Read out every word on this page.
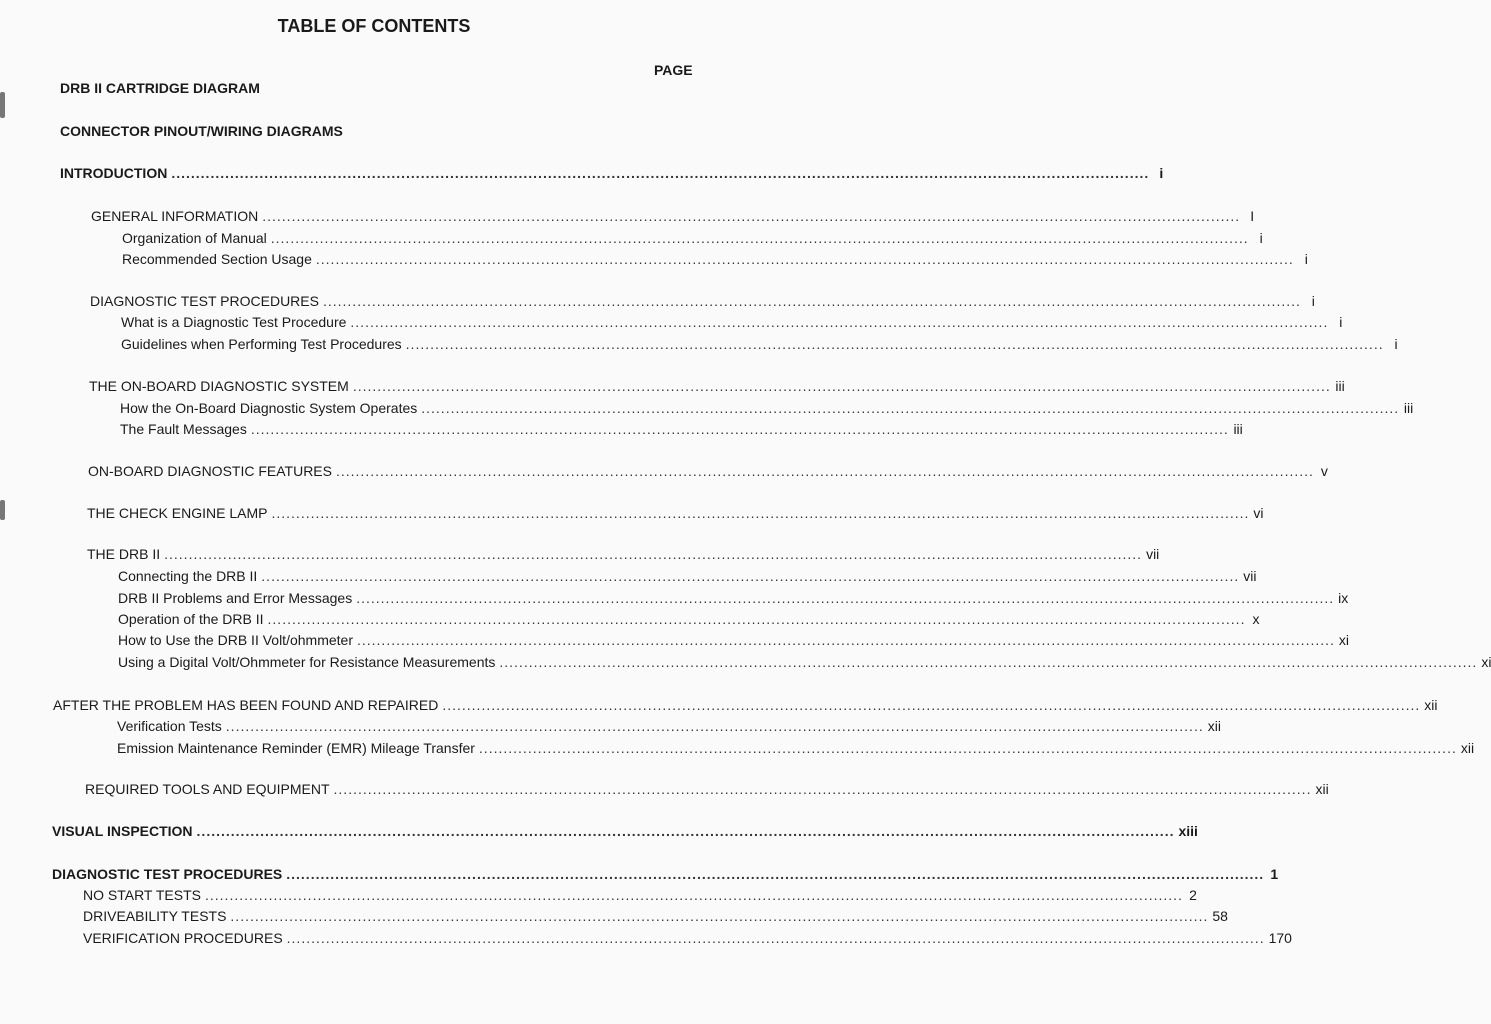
TABLE OF CONTENTS
PAGE
DRB II CARTRIDGE DIAGRAM
CONNECTOR PINOUT/WIRING DIAGRAMS
INTRODUCTION ........................................................................................................................................................................................................ i
GENERAL INFORMATION ........................................................................................................................................................................................................ I
Organization of Manual ........................................................................................................................................................................................................ i
Recommended Section Usage ........................................................................................................................................................................................................ i
DIAGNOSTIC TEST PROCEDURES ........................................................................................................................................................................................................ i
What is a Diagnostic Test Procedure ........................................................................................................................................................................................................ i
Guidelines when Performing Test Procedures ........................................................................................................................................................................................................ i
THE ON-BOARD DIAGNOSTIC SYSTEM ........................................................................................................................................................................................................ iii
How the On-Board Diagnostic System Operates ........................................................................................................................................................................................................ iii
The Fault Messages ........................................................................................................................................................................................................ iii
ON-BOARD DIAGNOSTIC FEATURES ........................................................................................................................................................................................................ v
THE CHECK ENGINE LAMP ........................................................................................................................................................................................................ vi
THE DRB II ........................................................................................................................................................................................................ vii
Connecting the DRB II ........................................................................................................................................................................................................ vii
DRB II Problems and Error Messages ........................................................................................................................................................................................................ ix
Operation of the DRB II ........................................................................................................................................................................................................ x
How to Use the DRB II Volt/ohmmeter ........................................................................................................................................................................................................ xi
Using a Digital Volt/Ohmmeter for Resistance Measurements ........................................................................................................................................................................................................ xi
AFTER THE PROBLEM HAS BEEN FOUND AND REPAIRED ........................................................................................................................................................................................................ xii
Verification Tests ........................................................................................................................................................................................................ xii
Emission Maintenance Reminder (EMR) Mileage Transfer ........................................................................................................................................................................................................ xii
REQUIRED TOOLS AND EQUIPMENT ........................................................................................................................................................................................................ xii
VISUAL INSPECTION ........................................................................................................................................................................................................ xiii
DIAGNOSTIC TEST PROCEDURES ........................................................................................................................................................................................................ 1
NO START TESTS ........................................................................................................................................................................................................ 2
DRIVEABILITY TESTS ........................................................................................................................................................................................................ 58
VERIFICATION PROCEDURES ........................................................................................................................................................................................................ 170
